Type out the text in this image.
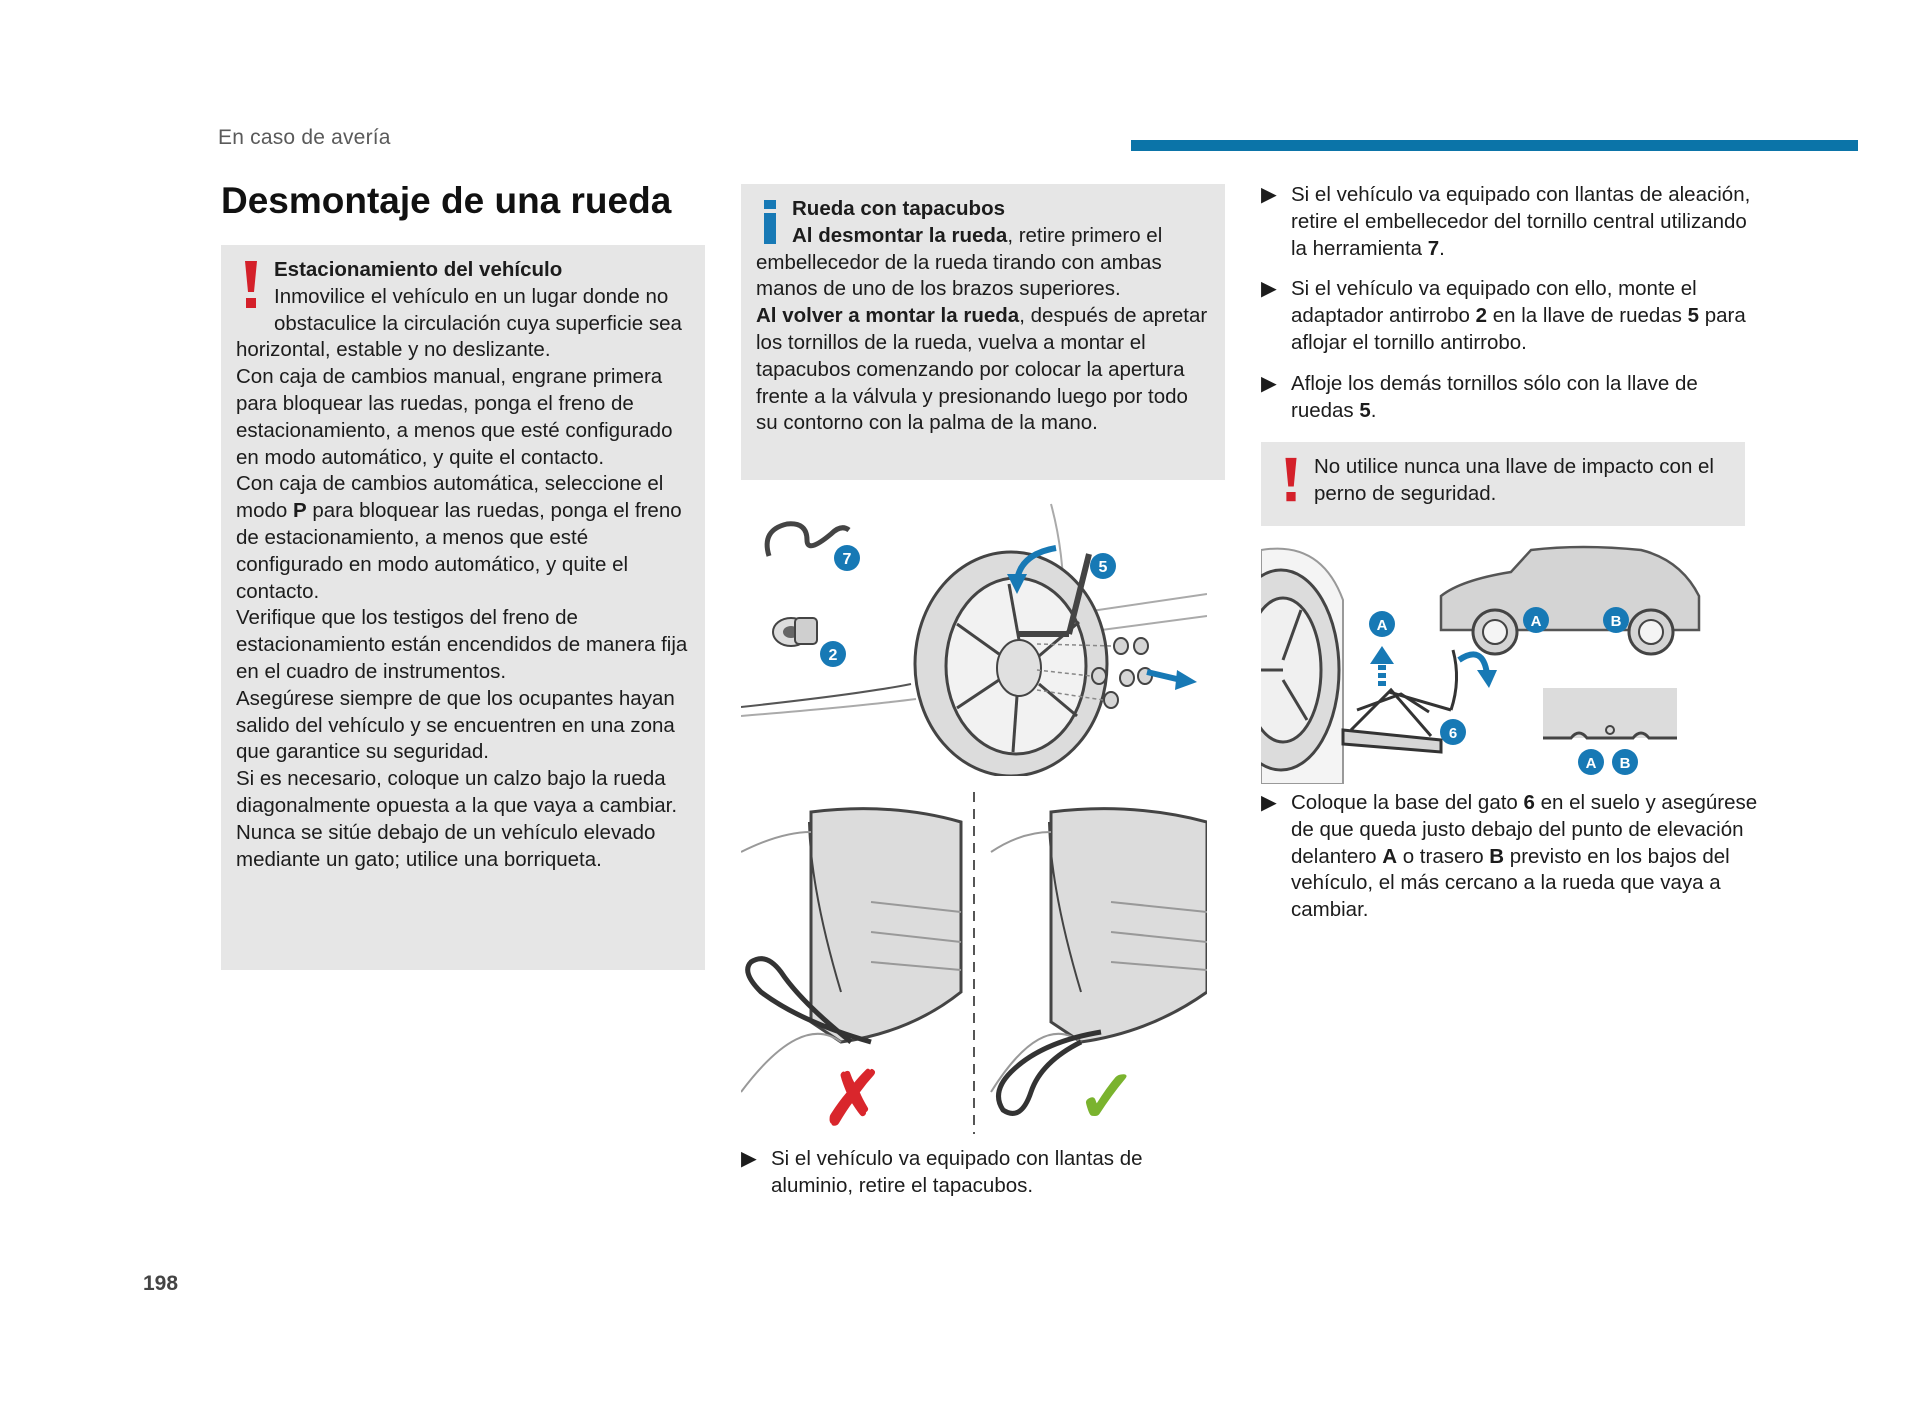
En caso de avería
Desmontaje de una rueda

Estacionamiento del vehículo

Inmovilice el vehículo en un lugar donde no obstaculice la circulación cuya superficie sea horizontal, estable y no deslizante.

Con caja de cambios manual, engrane primera para bloquear las ruedas, ponga el freno de estacionamiento, a menos que esté configurado en modo automático, y quite el contacto.

Con caja de cambios automática, seleccione el modo P para bloquear las ruedas, ponga el freno de estacionamiento, a menos que esté configurado en modo automático, y quite el contacto.

Verifique que los testigos del freno de estacionamiento están encendidos de manera fija en el cuadro de instrumentos.

Asegúrese siempre de que los ocupantes hayan salido del vehículo y se encuentren en una zona que garantice su seguridad.

Si es necesario, coloque un calzo bajo la rueda diagonalmente opuesta a la que vaya a cambiar.

Nunca se sitúe debajo de un vehículo elevado mediante un gato; utilice una borriqueta.

Rueda con tapacubos

Al desmontar la rueda, retire primero el embellecedor de la rueda tirando con ambas manos de uno de los brazos superiores.

Al volver a montar la rueda, después de apretar los tornillos de la rueda, vuelva a montar el tapacubos comenzando por colocar la apertura frente a la válvula y presionando luego por todo su contorno con la palma de la mano.

7
2
5
✗	✓
▶ Si el vehículo va equipado con llantas de aluminio, retire el tapacubos.
▶ Si el vehículo va equipado con llantas de aleación, retire el embellecedor del tornillo central utilizando la herramienta 7.
▶ Si el vehículo va equipado con ello, monte el adaptador antirrobo 2 en la llave de ruedas 5 para aflojar el tornillo antirrobo.
▶ Afloje los demás tornillos sólo con la llave de ruedas 5.

No utilice nunca una llave de impacto con el perno de seguridad.

A
6
A	B
A B
▶ Coloque la base del gato 6 en el suelo y asegúrese de que queda justo debajo del punto de elevación delantero A o trasero B previsto en los bajos del vehículo, el más cercano a la rueda que vaya a cambiar.
198
